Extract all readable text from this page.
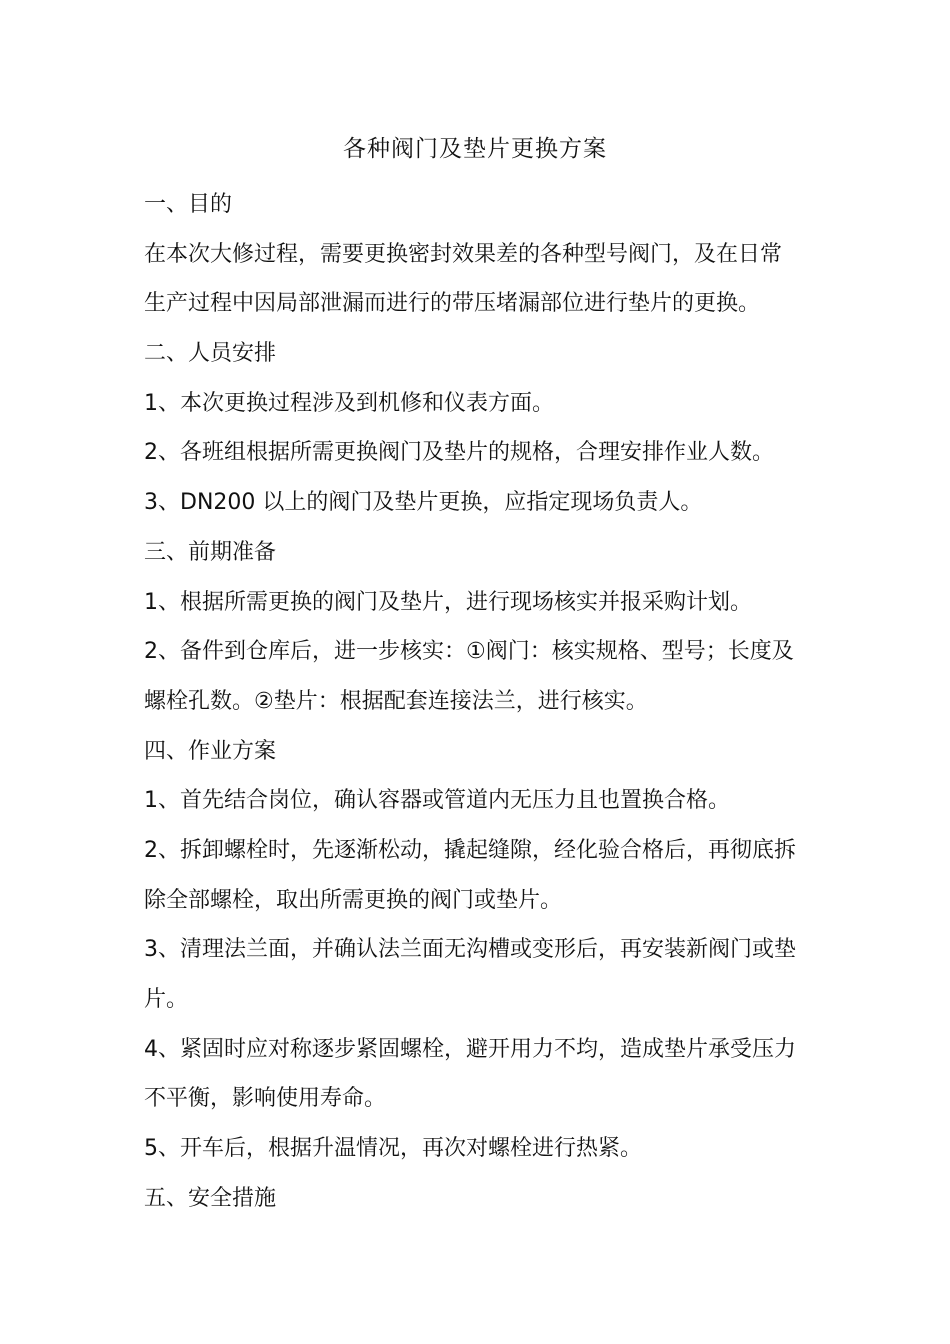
各种阀门及垫片更换方案
一、目的
在本次大修过程，需要更换密封效果差的各种型号阀门，及在日常
生产过程中因局部泄漏而进行的带压堵漏部位进行垫片的更换。
二、人员安排
1、本次更换过程涉及到机修和仪表方面。
2、各班组根据所需更换阀门及垫片的规格，合理安排作业人数。
3、DN200 以上的阀门及垫片更换，应指定现场负责人。
三、前期准备
1、根据所需更换的阀门及垫片，进行现场核实并报采购计划。
2、备件到仓库后，进一步核实：①阀门：核实规格、型号；长度及
螺栓孔数。②垫片：根据配套连接法兰，进行核实。
四、作业方案
1、首先结合岗位，确认容器或管道内无压力且也置换合格。
2、拆卸螺栓时，先逐渐松动，撬起缝隙，经化验合格后，再彻底拆
除全部螺栓，取出所需更换的阀门或垫片。
3、清理法兰面，并确认法兰面无沟槽或变形后，再安装新阀门或垫
片。
4、紧固时应对称逐步紧固螺栓，避开用力不均，造成垫片承受压力
不平衡，影响使用寿命。
5、开车后，根据升温情况，再次对螺栓进行热紧。
五、安全措施
